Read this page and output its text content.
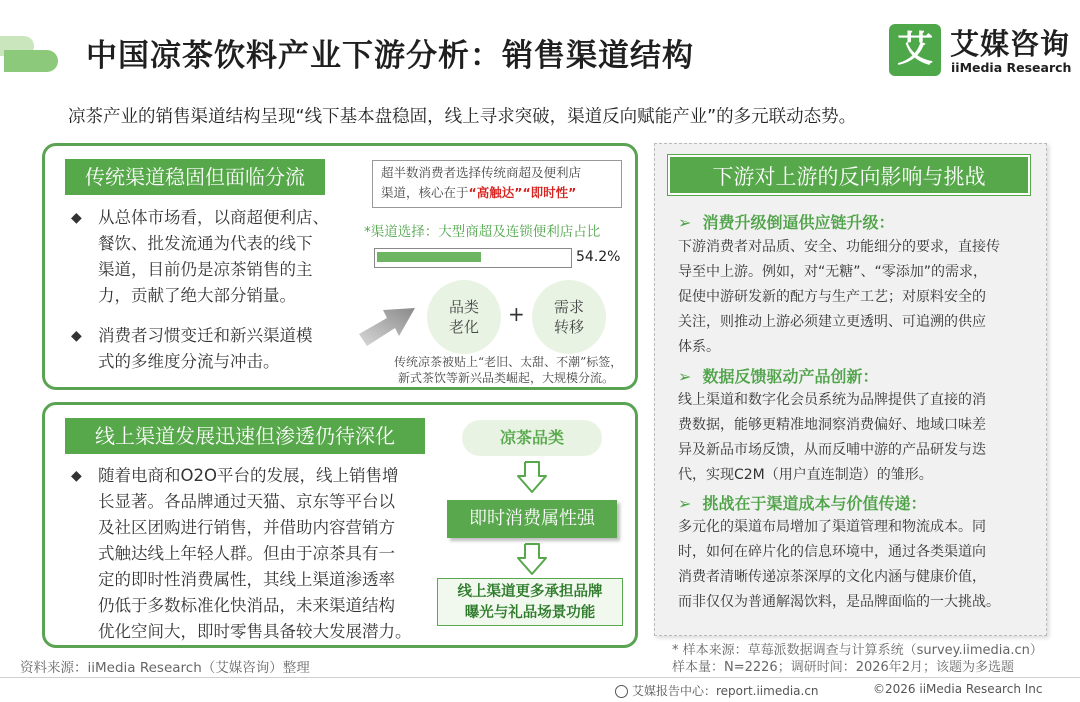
中国凉茶饮料产业下游分析：销售渠道结构	艾 艾媒咨询
iiMedia Research
凉茶产业的销售渠道结构呈现“线下基本盘稳固，线上寻求突破，渠道反向赋能产业”的多元联动态势。
传统渠道稳固但面临分流
◆ 从总体市场看，以商超便利店、
餐饮、批发流通为代表的线下
渠道，目前仍是凉茶销售的主
力，贡献了绝大部分销量。
◆ 消费者习惯变迁和新兴渠道模
式的多维度分流与冲击。
超半数消费者选择传统商超及便利店
渠道，核心在于“高触达”“即时性”
*渠道选择：大型商超及连锁便利店占比
54.2%
品类
老化
+ 需求
转移
传统凉茶被贴上“老旧、太甜、不潮”标签，
新式茶饮等新兴品类崛起，大规模分流。
线上渠道发展迅速但渗透仍待深化
◆ 随着电商和O2O平台的发展，线上销售增
长显著。各品牌通过天猫、京东等平台以
及社区团购进行销售，并借助内容营销方
式触达线上年轻人群。但由于凉茶具有一
定的即时性消费属性，其线上渠道渗透率
仍低于多数标准化快消品，未来渠道结构
优化空间大，即时零售具备较大发展潜力。
凉茶品类
即时消费属性强
线上渠道更多承担品牌
曝光与礼品场景功能
下游对上游的反向影响与挑战
➢ 消费升级倒逼供应链升级：
下游消费者对品质、安全、功能细分的要求，直接传
导至中上游。例如，对“无糖”、“零添加”的需求，
促使中游研发新的配方与生产工艺；对原料安全的
关注，则推动上游必须建立更透明、可追溯的供应
体系。
➢ 数据反馈驱动产品创新：
线上渠道和数字化会员系统为品牌提供了直接的消
费数据，能够更精准地洞察消费偏好、地域口味差
异及新品市场反馈，从而反哺中游的产品研发与迭
代，实现C2M（用户直连制造）的雏形。
➢ 挑战在于渠道成本与价值传递：
多元化的渠道布局增加了渠道管理和物流成本。同
时，如何在碎片化的信息环境中，通过各类渠道向
消费者清晰传递凉茶深厚的文化内涵与健康价值，
而非仅仅为普通解渴饮料，是品牌面临的一大挑战。
* 样本来源：草莓派数据调查与计算系统（survey.iimedia.cn）
样本量：N=2226；调研时间：2026年2月；该题为多选题
资料来源：iiMedia Research（艾媒咨询）整理
艾媒报告中心：report.iimedia.cn	©2026 iiMedia Research Inc
